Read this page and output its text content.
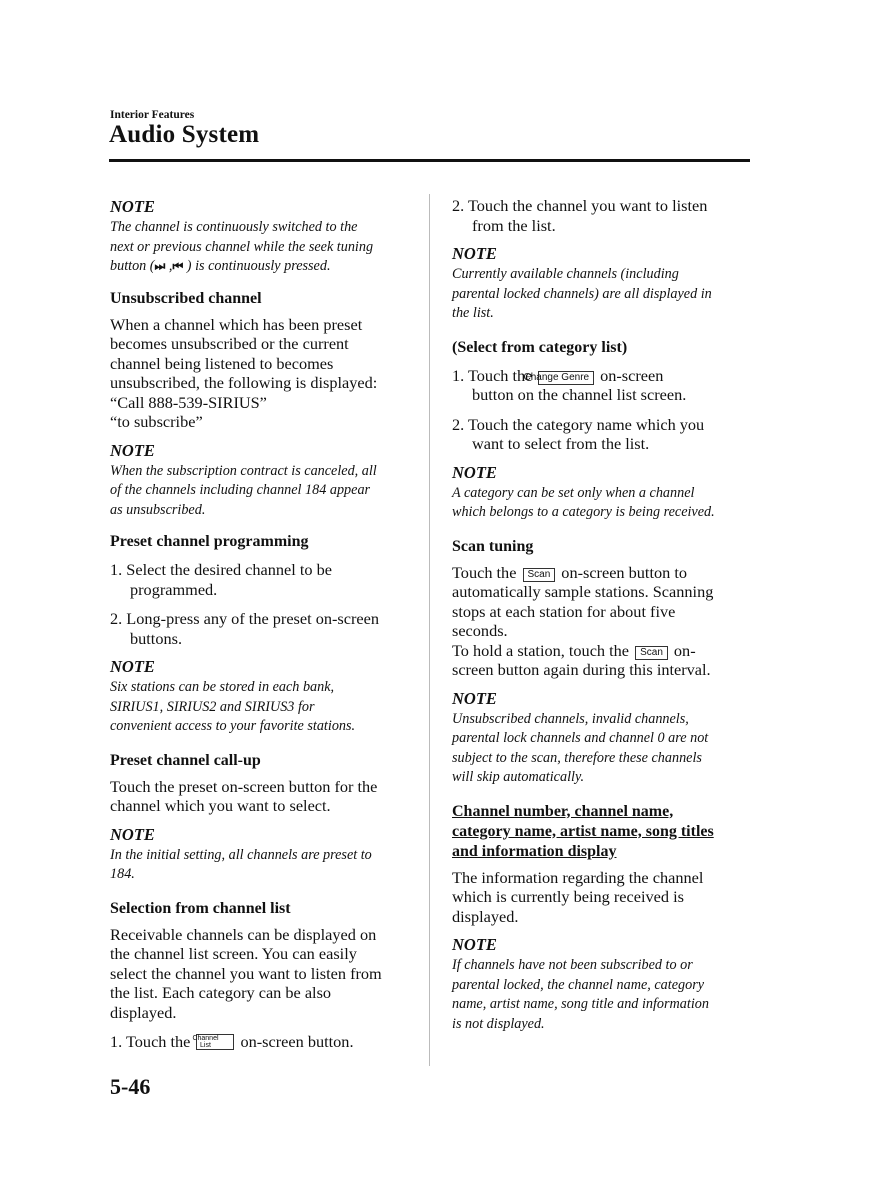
Interior Features
Audio System

NOTE

The channel is continuously switched to the
next or previous channel while the seek tuning
button (⏭ ,⏮ ) is continuously pressed.

Unsubscribed channel

When a channel which has been preset
becomes unsubscribed or the current
channel being listened to becomes
unsubscribed, the following is displayed:
“Call 888-539-SIRIUS”
“to subscribe”

NOTE

When the subscription contract is canceled, all
of the channels including channel 184 appear
as unsubscribed.

Preset channel programming

1. Select the desired channel to be
programmed.

2. Long-press any of the preset on-screen
buttons.

NOTE

Six stations can be stored in each bank,
SIRIUS1, SIRIUS2 and SIRIUS3 for
convenient access to your favorite stations.

Preset channel call-up

Touch the preset on-screen button for the
channel which you want to select.

NOTE

In the initial setting, all channels are preset to
184.

Selection from channel list

Receivable channels can be displayed on
the channel list screen. You can easily
select the channel you want to listen from
the list. Each category can be also
displayed.

1. Touch the Channel
List	on-screen button.

2. Touch the channel you want to listen
from the list.

NOTE

Currently available channels (including
parental locked channels) are all displayed in
the list.

(Select from category list)

1. Touch the Change Genre on-screen
button on the channel list screen.

2. Touch the category name which you
want to select from the list.

NOTE

A category can be set only when a channel
which belongs to a category is being received.

Scan tuning

Touch the Scan on-screen button to
automatically sample stations. Scanning
stops at each station for about five
seconds.
To hold a station, touch the Scan on-
screen button again during this interval.

NOTE

Unsubscribed channels, invalid channels,
parental lock channels and channel 0 are not
subject to the scan, therefore these channels
will skip automatically.

Channel number, channel name,
category name, artist name, song titles
and information display

The information regarding the channel
which is currently being received is
displayed.

NOTE

If channels have not been subscribed to or
parental locked, the channel name, category
name, artist name, song title and information
is not displayed.

5-46
